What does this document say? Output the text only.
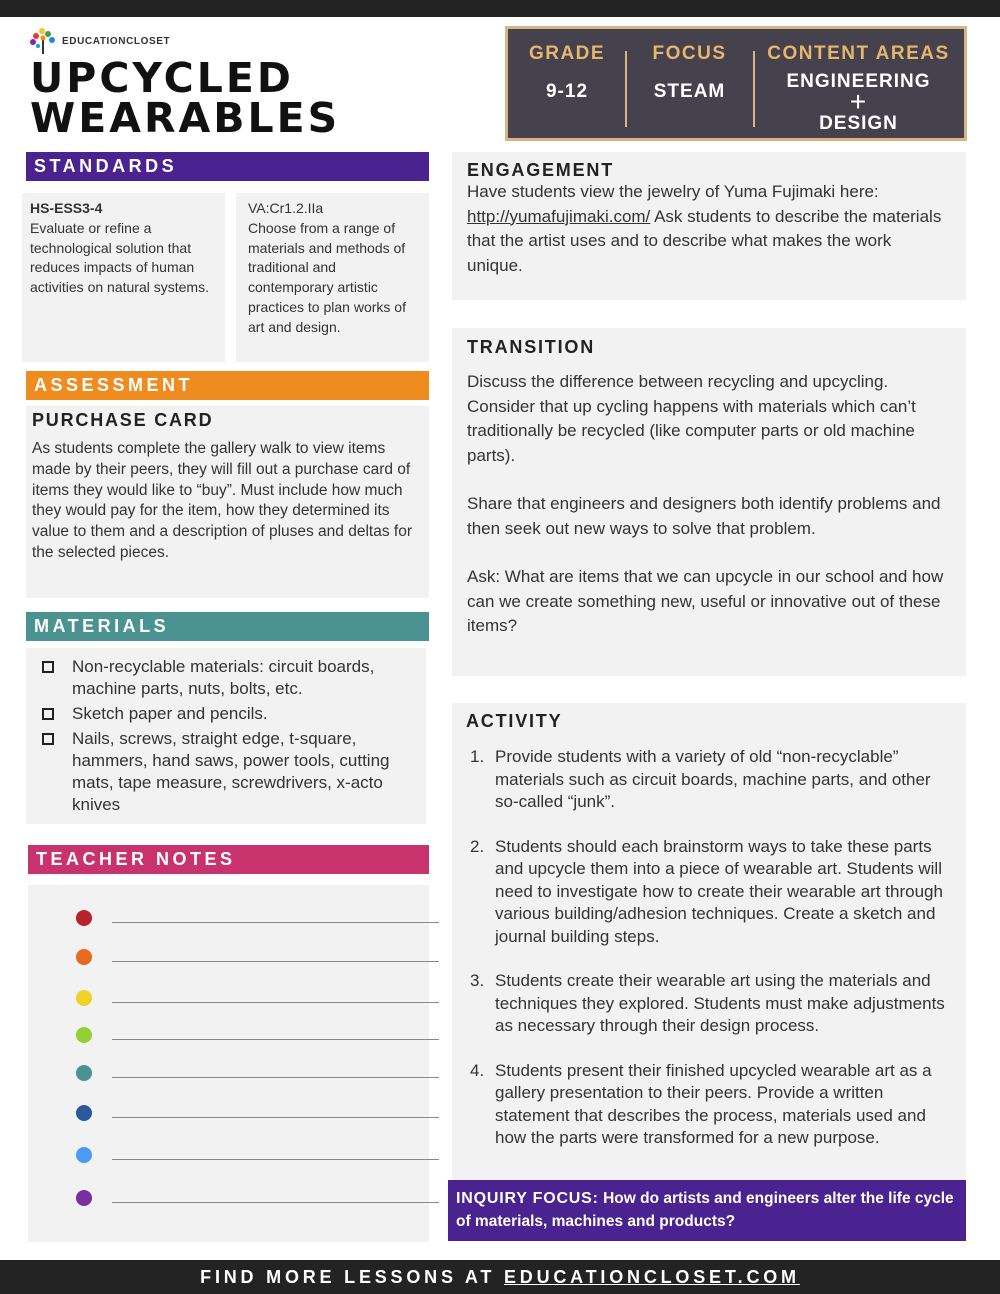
EDUCATIONCLOSET
UPCYCLED
WEARABLES
GRADE
9-12
FOCUS
STEAM
CONTENT AREAS
ENGINEERING
+
DESIGN
STANDARDS
HS-ESS3-4
Evaluate or refine a technological solution that reduces impacts of human activities on natural systems.
VA:Cr1.2.IIa
Choose from a range of materials and methods of traditional and contemporary artistic practices to plan works of art and design.
ASSESSMENT
PURCHASE CARD
As students complete the gallery walk to view items made by their peers, they will fill out a purchase card of items they would like to “buy”. Must include how much they would pay for the item, how they determined its value to them and a description of pluses and deltas for the selected pieces.
MATERIALS
Non-recyclable materials: circuit boards, machine parts, nuts, bolts, etc.
Sketch paper and pencils.
Nails, screws, straight edge, t-square, hammers, hand saws, power tools, cutting mats, tape measure, screwdrivers, x-acto knives
TEACHER NOTES
ENGAGEMENT
Have students view the jewelry of Yuma Fujimaki here: http://yumafujimaki.com/ Ask students to describe the materials that the artist uses and to describe what makes the work unique.
TRANSITION
Discuss the difference between recycling and upcycling. Consider that up cycling happens with materials which can’t traditionally be recycled (like computer parts or old machine parts).
Share that engineers and designers both identify problems and then seek out new ways to solve that problem.
Ask: What are items that we can upcycle in our school and how can we create something new, useful or innovative out of these items?
ACTIVITY
1. Provide students with a variety of old “non-recyclable” materials such as circuit boards, machine parts, and other so-called “junk”.
2. Students should each brainstorm ways to take these parts and upcycle them into a piece of wearable art. Students will need to investigate how to create their wearable art through various building/adhesion techniques. Create a sketch and journal building steps.
3. Students create their wearable art using the materials and techniques they explored. Students must make adjustments as necessary through their design process.
4. Students present their finished upcycled wearable art as a gallery presentation to their peers. Provide a written statement that describes the process, materials used and how the parts were transformed for a new purpose.
INQUIRY FOCUS: How do artists and engineers alter the life cycle of materials, machines and products?
FIND MORE LESSONS AT EDUCATIONCLOSET.COM
